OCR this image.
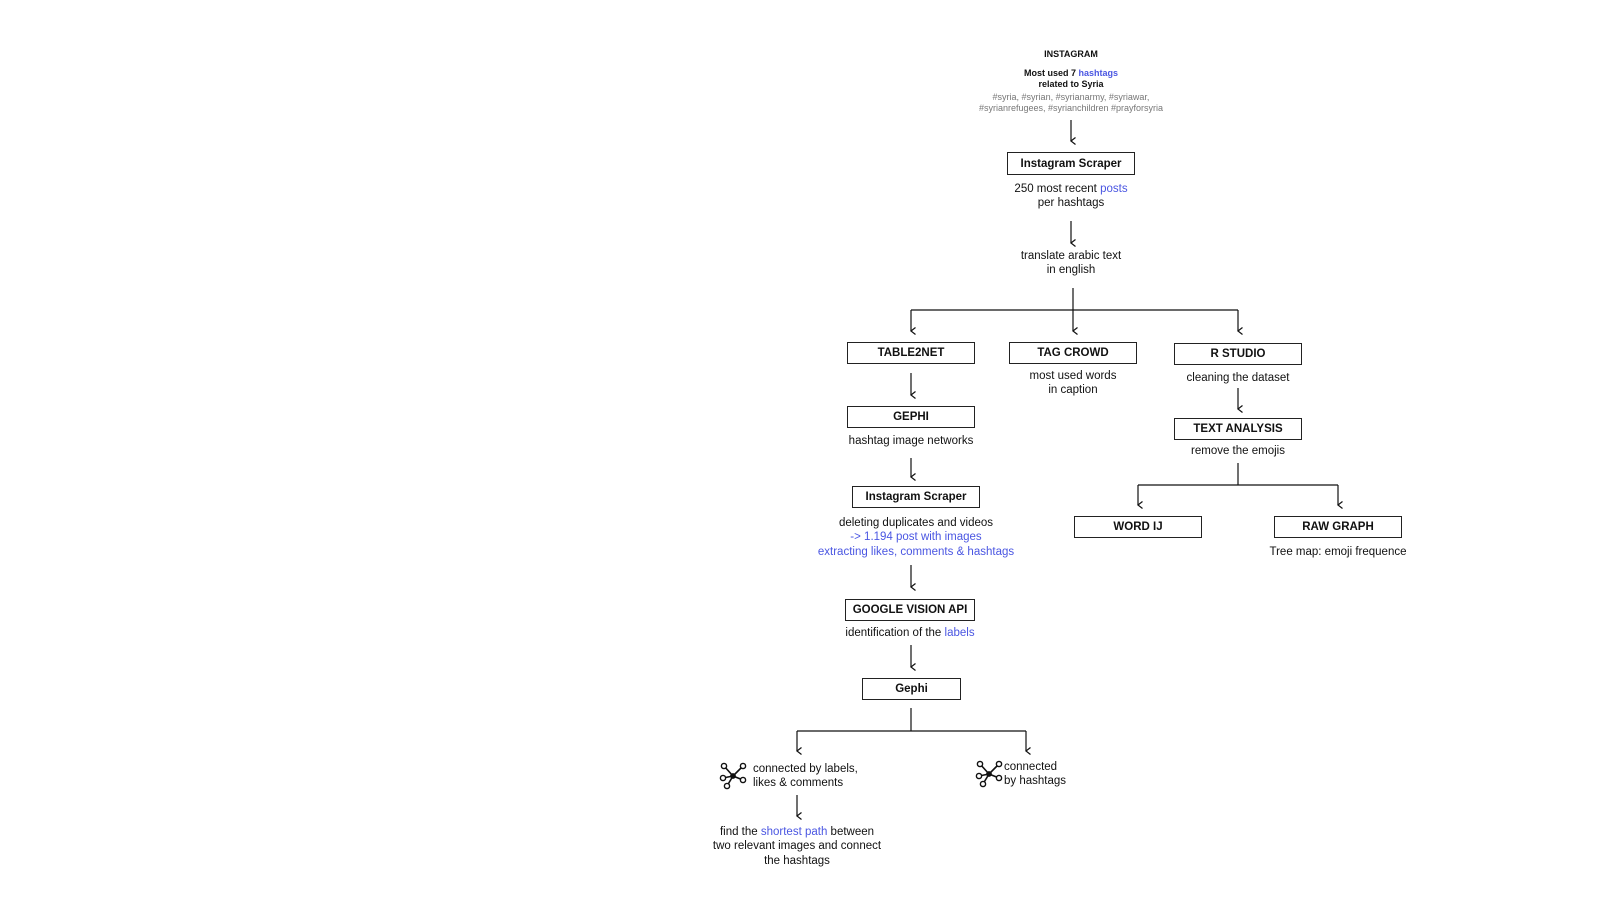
INSTAGRAM
Most used 7 hashtags
related to Syria
#syria, #syrian, #syrianarmy, #syriawar,
#syrianrefugees, #syrianchildren #prayforsyria
Instagram Scraper
250 most recent posts
per hashtags
translate arabic text
in english
TABLE2NET	TAG CROWD
most used words
in caption
R STUDIO
cleaning the dataset
GEPHI
hashtag image networks
TEXT ANALYSIS
remove the emojis
Instagram Scraper
deleting duplicates and videos
-> 1.194 post with images
extracting likes, comments & hashtags
WORD IJ	RAW GRAPH
Tree map: emoji frequence
GOOGLE VISION API
identification of the labels
Gephi
connected by labels,
likes & comments
connected
by hashtags
find the shortest path between
two relevant images and connect
the hashtags
